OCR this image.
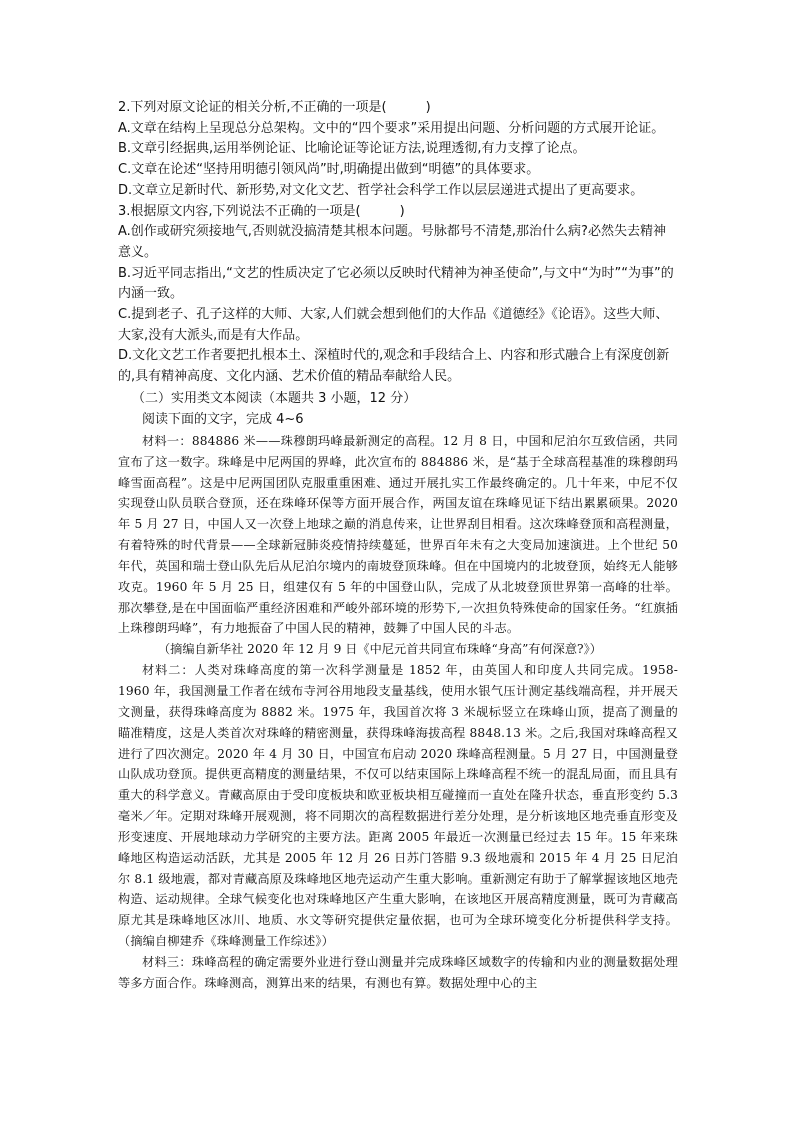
2.下列对原文论证的相关分析,不正确的一项是(　　　)

A.文章在结构上呈现总分总架构。文中的“四个要求”采用提出问题、分析问题的方式展开论证。

B.文章引经据典,运用举例论证、比喻论证等论证方法,说理透彻,有力支撑了论点。

C.文章在论述“坚持用明德引领风尚”时,明确提出做到“明德”的具体要求。

D.文章立足新时代、新形势,对文化文艺、哲学社会科学工作以层层递进式提出了更高要求。

3.根据原文内容,下列说法不正确的一项是(　　　)

A.创作或研究须接地气,否则就没搞清楚其根本问题。号脉都号不清楚,那治什么病?必然失去精神意义。

B.习近平同志指出,“文艺的性质决定了它必须以反映时代精神为神圣使命”,与文中“为时”“为事”的内涵一致。

C.提到老子、孔子这样的大师、大家,人们就会想到他们的大作品《道德经》《论语》。这些大师、大家,没有大派头,而是有大作品。

D.文化文艺工作者要把扎根本土、深植时代的,观念和手段结合上、内容和形式融合上有深度创新的,具有精神高度、文化内涵、艺术价值的精品奉献给人民。

（二）实用类文本阅读（本题共 3 小题，12 分）

阅读下面的文字，完成 4~6

材料一：884886 米——珠穆朗玛峰最新测定的高程。12 月 8 日，中国和尼泊尔互致信函，共同宣布了这一数字。珠峰是中尼两国的界峰，此次宣布的 884886 米，是“基于全球高程基准的珠穆朗玛峰雪面高程”。这是中尼两国团队克服重重困难、通过开展扎实工作最终确定的。几十年来，中尼不仅实现登山队员联合登顶，还在珠峰环保等方面开展合作，两国友谊在珠峰见证下结出累累硕果。2020 年 5 月 27 日，中国人又一次登上地球之巅的消息传来，让世界刮目相看。这次珠峰登顶和高程测量，有着特殊的时代背景——全球新冠肺炎疫情持续蔓延，世界百年未有之大变局加速演进。上个世纪 50 年代，英国和瑞士登山队先后从尼泊尔境内的南坡登顶珠峰。但在中国境内的北坡登顶，始终无人能够攻克。1960 年 5 月 25 日，组建仅有 5 年的中国登山队，完成了从北坡登顶世界第一高峰的壮举。那次攀登,是在中国面临严重经济困难和严峻外部环境的形势下,一次担负特殊使命的国家任务。“红旗插上珠穆朗玛峰”，有力地振奋了中国人民的精神，鼓舞了中国人民的斗志。

（摘编自新华社 2020 年 12 月 9 日《中尼元首共同宣布珠峰“身高”有何深意?》）

材料二：人类对珠峰高度的第一次科学测量是 1852 年，由英国人和印度人共同完成。1958-1960 年，我国测量工作者在绒布寺河谷用地段支量基线，使用水银气压计测定基线端高程，并开展天文测量，获得珠峰高度为 8882 米。1975 年，我国首次将 3 米觇标竖立在珠峰山顶，提高了测量的瞄准精度，这是人类首次对珠峰的精密测量，获得珠峰海拔高程 8848.13 米。之后,我国对珠峰高程又进行了四次测定。2020 年 4 月 30 日，中国宣布启动 2020 珠峰高程测量。5 月 27 日，中国测量登山队成功登顶。提供更高精度的测量结果，不仅可以结束国际上珠峰高程不统一的混乱局面，而且具有重大的科学意义。青藏高原由于受印度板块和欧亚板块相互碰撞而一直处在隆升状态，垂直形变约 5.3 毫米／年。定期对珠峰开展观测，将不同期次的高程数据进行差分处理，是分析该地区地壳垂直形变及形变速度、开展地球动力学研究的主要方法。距离 2005 年最近一次测量已经过去 15 年。15 年来珠峰地区构造运动活跃，尤其是 2005 年 12 月 26 日苏门答腊 9.3 级地震和 2015 年 4 月 25 日尼泊尔 8.1 级地震，都对青藏高原及珠峰地区地壳运动产生重大影响。重新测定有助于了解掌握该地区地壳构造、运动规律。全球气候变化也对珠峰地区产生重大影响，在该地区开展高精度测量，既可为青藏高原尤其是珠峰地区冰川、地质、水文等研究提供定量依据，也可为全球环境变化分析提供科学支持。（摘编自柳建乔《珠峰测量工作综述》）

材料三：珠峰高程的确定需要外业进行登山测量并完成珠峰区域数字的传输和内业的测量数据处理等多方面合作。珠峰测高，测算出来的结果，有测也有算。数据处理中心的主
